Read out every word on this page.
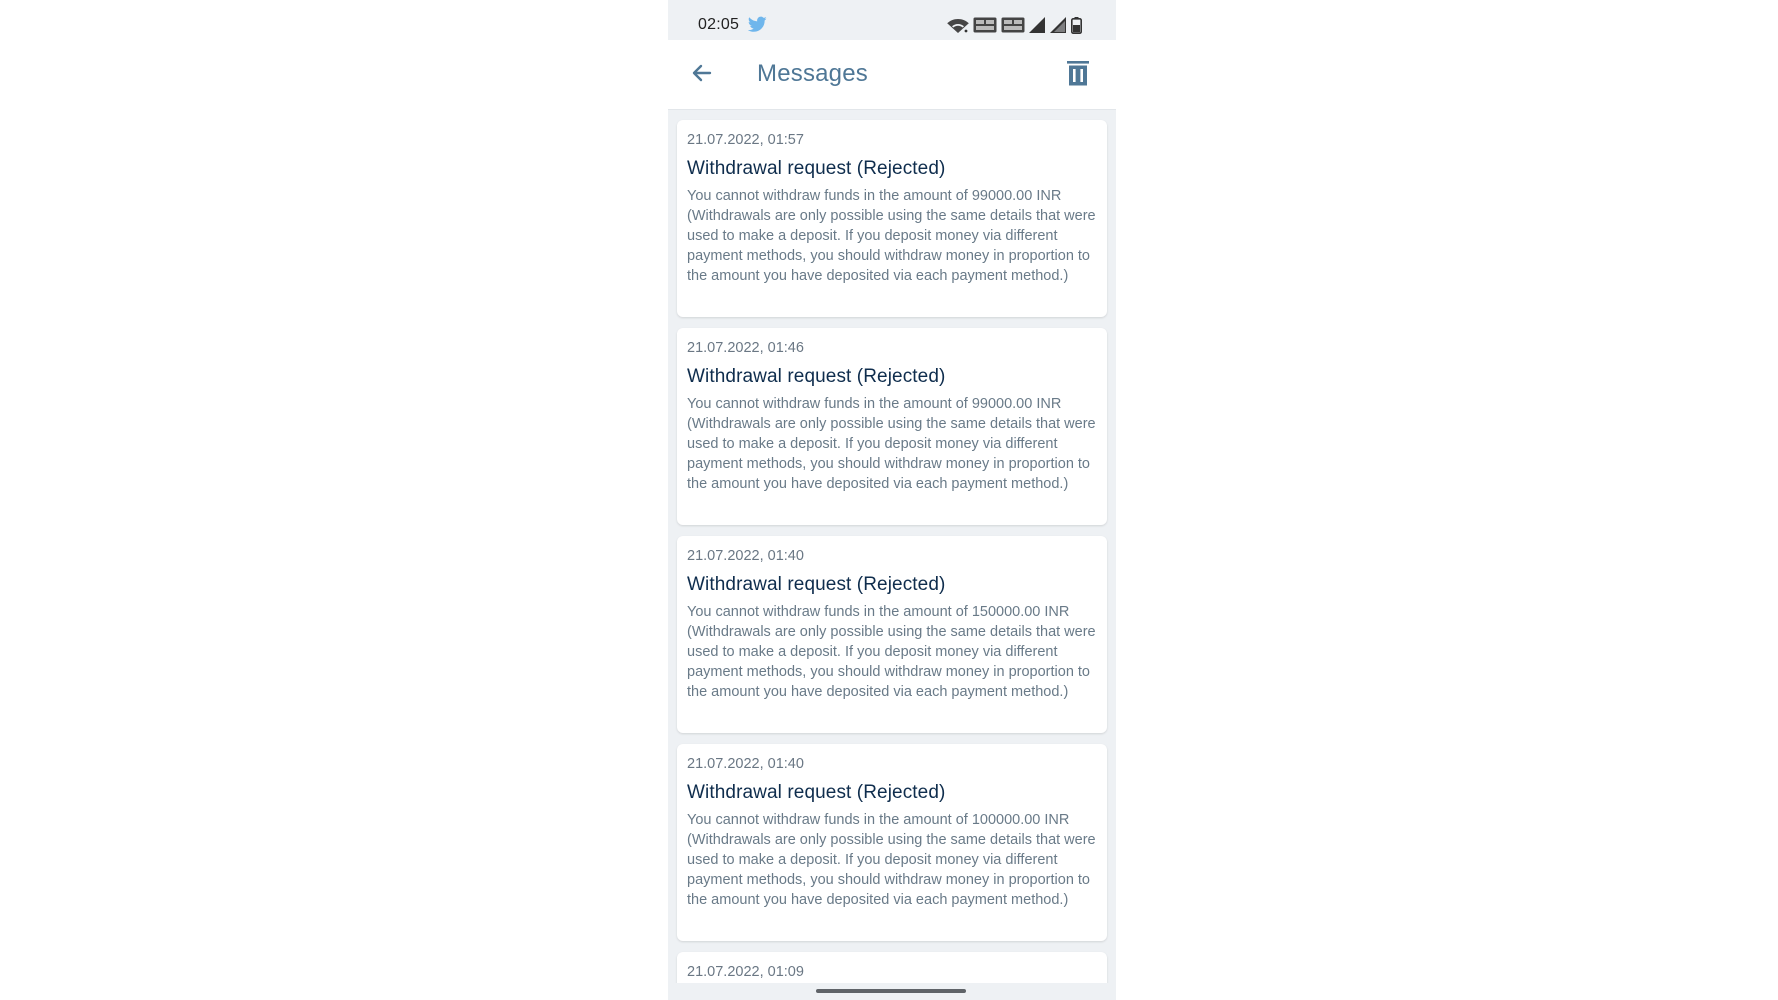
02:05
Messages
21.07.2022, 01:57
Withdrawal request (Rejected)
You cannot withdraw funds in the amount of 99000.00 INR (Withdrawals are only possible using the same details that were used to make a deposit. If you deposit money via different payment methods, you should withdraw money in proportion to the amount you have deposited via each payment method.)
21.07.2022, 01:46
Withdrawal request (Rejected)
You cannot withdraw funds in the amount of 99000.00 INR (Withdrawals are only possible using the same details that were used to make a deposit. If you deposit money via different payment methods, you should withdraw money in proportion to the amount you have deposited via each payment method.)
21.07.2022, 01:40
Withdrawal request (Rejected)
You cannot withdraw funds in the amount of 150000.00 INR (Withdrawals are only possible using the same details that were used to make a deposit. If you deposit money via different payment methods, you should withdraw money in proportion to the amount you have deposited via each payment method.)
21.07.2022, 01:40
Withdrawal request (Rejected)
You cannot withdraw funds in the amount of 100000.00 INR (Withdrawals are only possible using the same details that were used to make a deposit. If you deposit money via different payment methods, you should withdraw money in proportion to the amount you have deposited via each payment method.)
21.07.2022, 01:09
